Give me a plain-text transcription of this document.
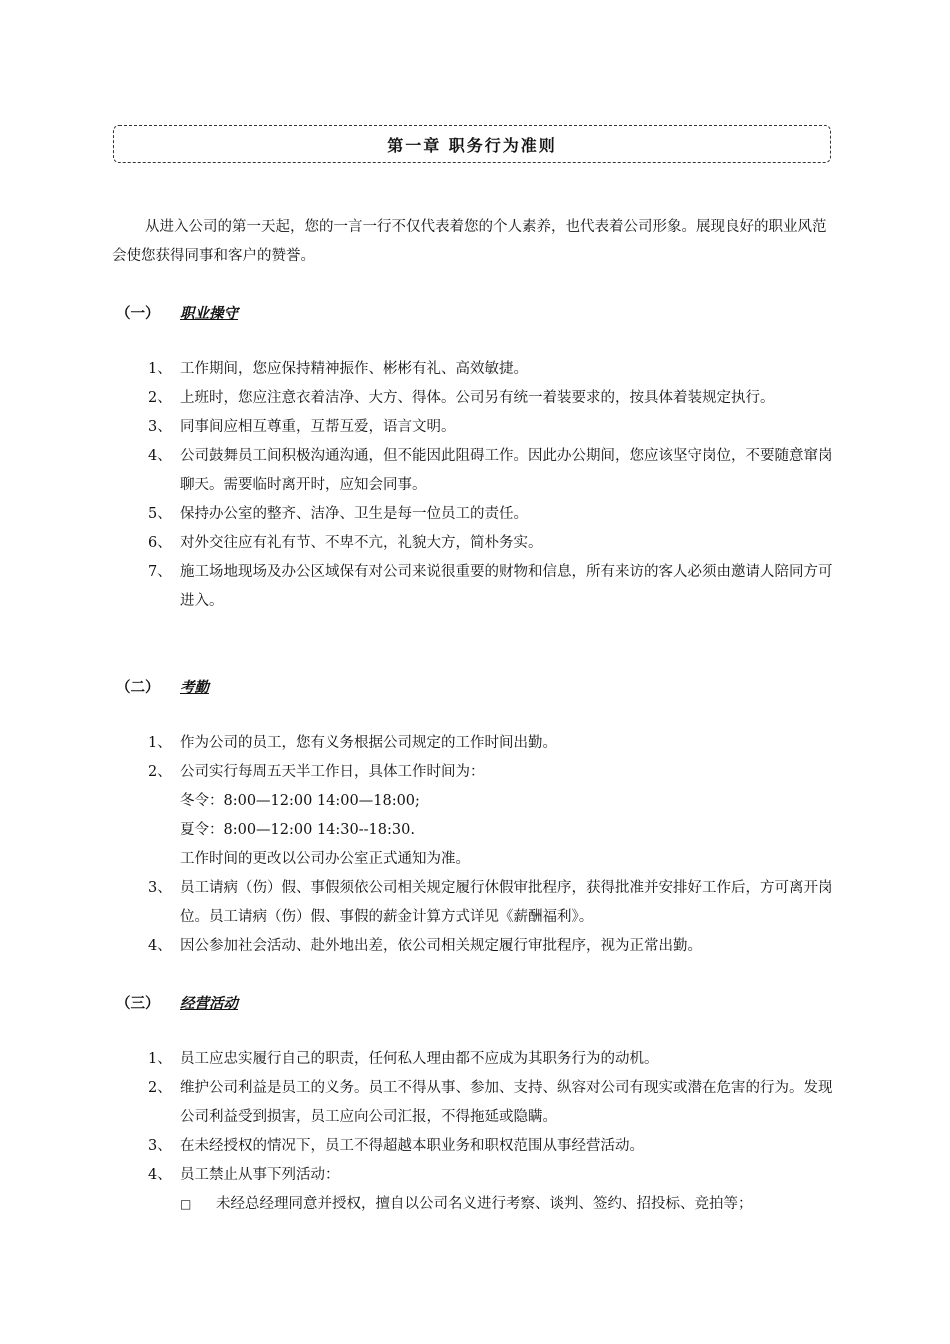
第一章 职务行为准则

从进入公司的第一天起，您的一言一行不仅代表着您的个人素养，也代表着公司形象。展现良好的职业风范会使您获得同事和客户的赞誉。

（一）	职业操守
1、 工作期间，您应保持精神振作、彬彬有礼、高效敏捷。
2、 上班时，您应注意衣着洁净、大方、得体。公司另有统一着装要求的，按具体着装规定执行。
3、 同事间应相互尊重，互帮互爱，语言文明。
4、 公司鼓舞员工间积极沟通沟通，但不能因此阻碍工作。因此办公期间，您应该坚守岗位，不要随意窜岗聊天。需要临时离开时，应知会同事。
5、 保持办公室的整齐、洁净、卫生是每一位员工的责任。
6、 对外交往应有礼有节、不卑不亢，礼貌大方，简朴务实。
7、 施工场地现场及办公区域保有对公司来说很重要的财物和信息，所有来访的客人必须由邀请人陪同方可进入。
（二）	考勤
1、 作为公司的员工，您有义务根据公司规定的工作时间出勤。
2、 公司实行每周五天半工作日，具体工作时间为：
冬令：8:00—12:00 14:00—18:00;
夏令：8:00—12:00 14:30--18:30.
工作时间的更改以公司办公室正式通知为准。
3、 员工请病（伤）假、事假须依公司相关规定履行休假审批程序，获得批准并安排好工作后，方可离开岗位。员工请病（伤）假、事假的薪金计算方式详见《薪酬福利》。
4、 因公参加社会活动、赴外地出差，依公司相关规定履行审批程序，视为正常出勤。
（三）	经营活动
1、 员工应忠实履行自己的职责，任何私人理由都不应成为其职务行为的动机。
2、 维护公司利益是员工的义务。员工不得从事、参加、支持、纵容对公司有现实或潜在危害的行为。发现公司利益受到损害，员工应向公司汇报，不得拖延或隐瞒。
3、 在未经授权的情况下，员工不得超越本职业务和职权范围从事经营活动。
4、 员工禁止从事下列活动：
□	未经总经理同意并授权，擅自以公司名义进行考察、谈判、签约、招投标、竞拍等；
